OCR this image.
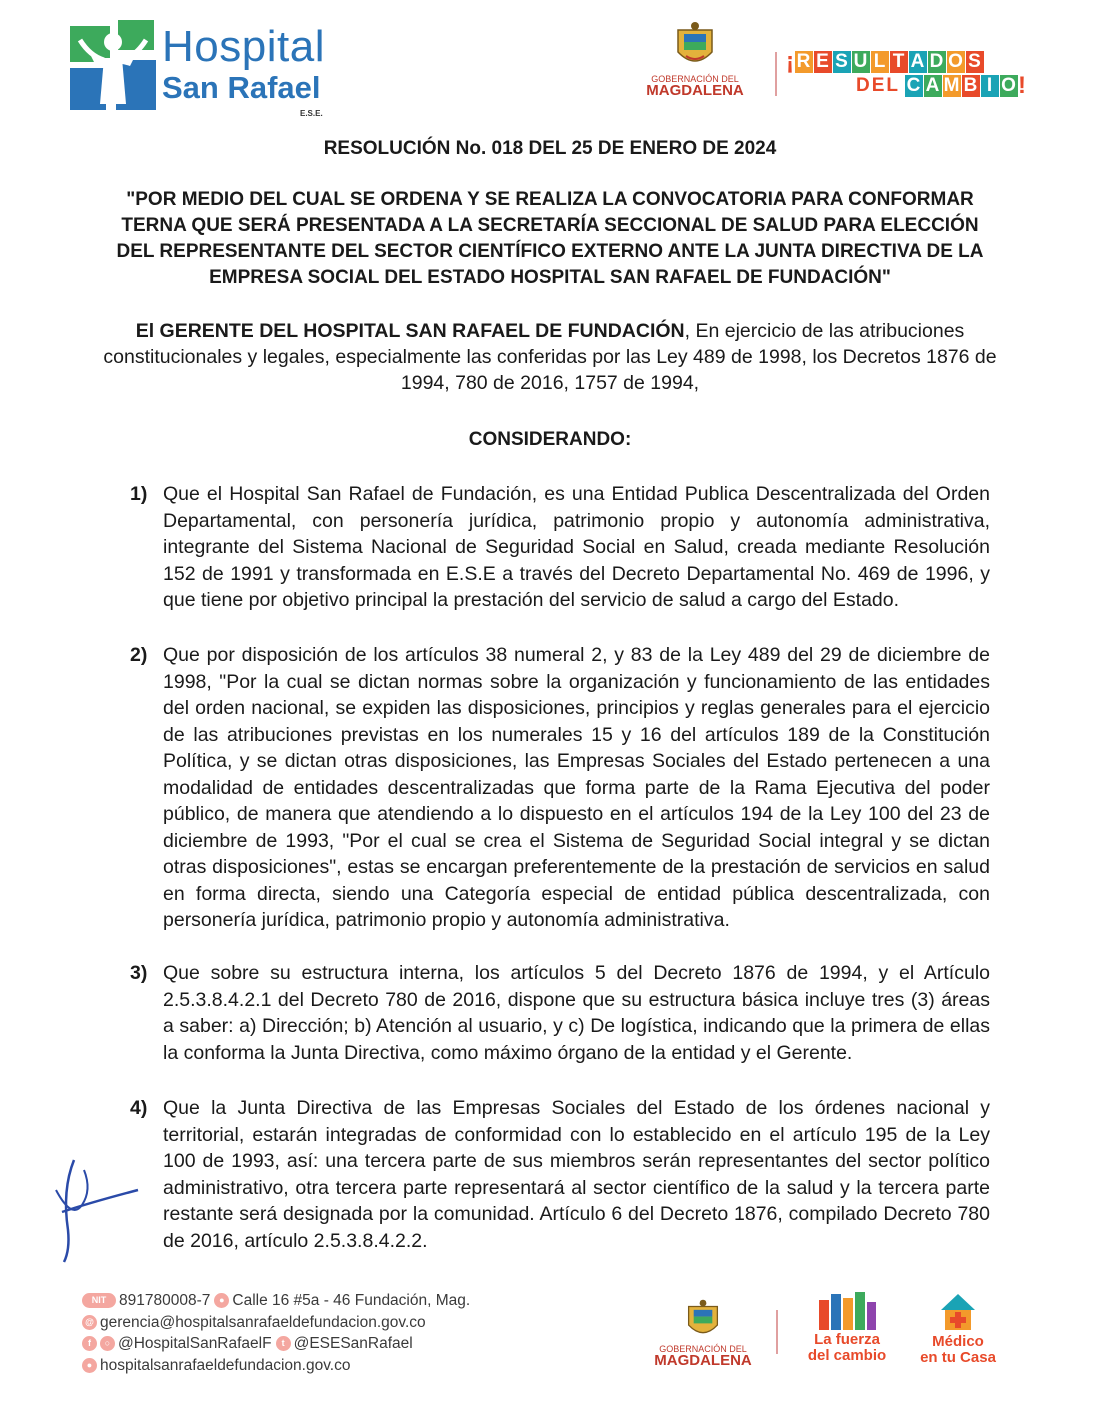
Hospital
San Rafael
E.S.E.
GOBERNACIÓN DEL
MAGDALENA
¡ R E S U L T A D O S
DEL C A M B I O !
RESOLUCIÓN No. 018 DEL 25 DE ENERO DE 2024
"POR MEDIO DEL CUAL SE ORDENA Y SE REALIZA LA CONVOCATORIA PARA CONFORMAR
TERNA QUE SERÁ PRESENTADA A LA SECRETARÍA SECCIONAL DE SALUD PARA ELECCIÓN
DEL REPRESENTANTE DEL SECTOR CIENTÍFICO EXTERNO ANTE LA JUNTA DIRECTIVA DE LA
EMPRESA SOCIAL DEL ESTADO HOSPITAL SAN RAFAEL DE FUNDACIÓN"
El GERENTE DEL HOSPITAL SAN RAFAEL DE FUNDACIÓN, En ejercicio de las atribuciones constitucionales y legales, especialmente las conferidas por las Ley 489 de 1998, los Decretos 1876 de 1994, 780 de 2016, 1757 de 1994,
CONSIDERANDO:
1) Que el Hospital San Rafael de Fundación, es una Entidad Publica Descentralizada del Orden Departamental, con personería jurídica, patrimonio propio y autonomía administrativa, integrante del Sistema Nacional de Seguridad Social en Salud, creada mediante Resolución 152 de 1991 y transformada en E.S.E a través del Decreto Departamental No. 469 de 1996, y que tiene por objetivo principal la prestación del servicio de salud a cargo del Estado.
2) Que por disposición de los artículos 38 numeral 2, y 83 de la Ley 489 del 29 de diciembre de 1998, "Por la cual se dictan normas sobre la organización y funcionamiento de las entidades del orden nacional, se expiden las disposiciones, principios y reglas generales para el ejercicio de las atribuciones previstas en los numerales 15 y 16 del artículos 189 de la Constitución Política, y se dictan otras disposiciones, las Empresas Sociales del Estado pertenecen a una modalidad de entidades descentralizadas que forma parte de la Rama Ejecutiva del poder público, de manera que atendiendo a lo dispuesto en el artículos 194 de la Ley 100 del 23 de diciembre de 1993, "Por el cual se crea el Sistema de Seguridad Social integral y se dictan otras disposiciones", estas se encargan preferentemente de la prestación de servicios en salud en forma directa, siendo una Categoría especial de entidad pública descentralizada, con personería jurídica, patrimonio propio y autonomía administrativa.
3) Que sobre su estructura interna, los artículos 5 del Decreto 1876 de 1994, y el Artículo 2.5.3.8.4.2.1 del Decreto 780 de 2016, dispone que su estructura básica incluye tres (3) áreas a saber: a) Dirección; b) Atención al usuario, y c) De logística, indicando que la primera de ellas la conforma la Junta Directiva, como máximo órgano de la entidad y el Gerente.
4) Que la Junta Directiva de las Empresas Sociales del Estado de los órdenes nacional y territorial, estarán integradas de conformidad con lo establecido en el artículo 195 de la Ley 100 de 1993, así: una tercera parte de sus miembros serán representantes del sector político administrativo, otra tercera parte representará al sector científico de la salud y la tercera parte restante será designada por la comunidad. Artículo 6 del Decreto 1876, compilado Decreto 780 de 2016, artículo 2.5.3.8.4.2.2.
NIT 891780008-7 ● Calle 16 #5a - 46 Fundación, Mag.
@ gerencia@hospitalsanrafaeldefundacion.gov.co
f	○ @HospitalSanRafaelF	t @ESESanRafael
● hospitalsanrafaeldefundacion.gov.co
GOBERNACIÓN DEL
MAGDALENA
La fuerza
del cambio
Médico
en tu Casa
